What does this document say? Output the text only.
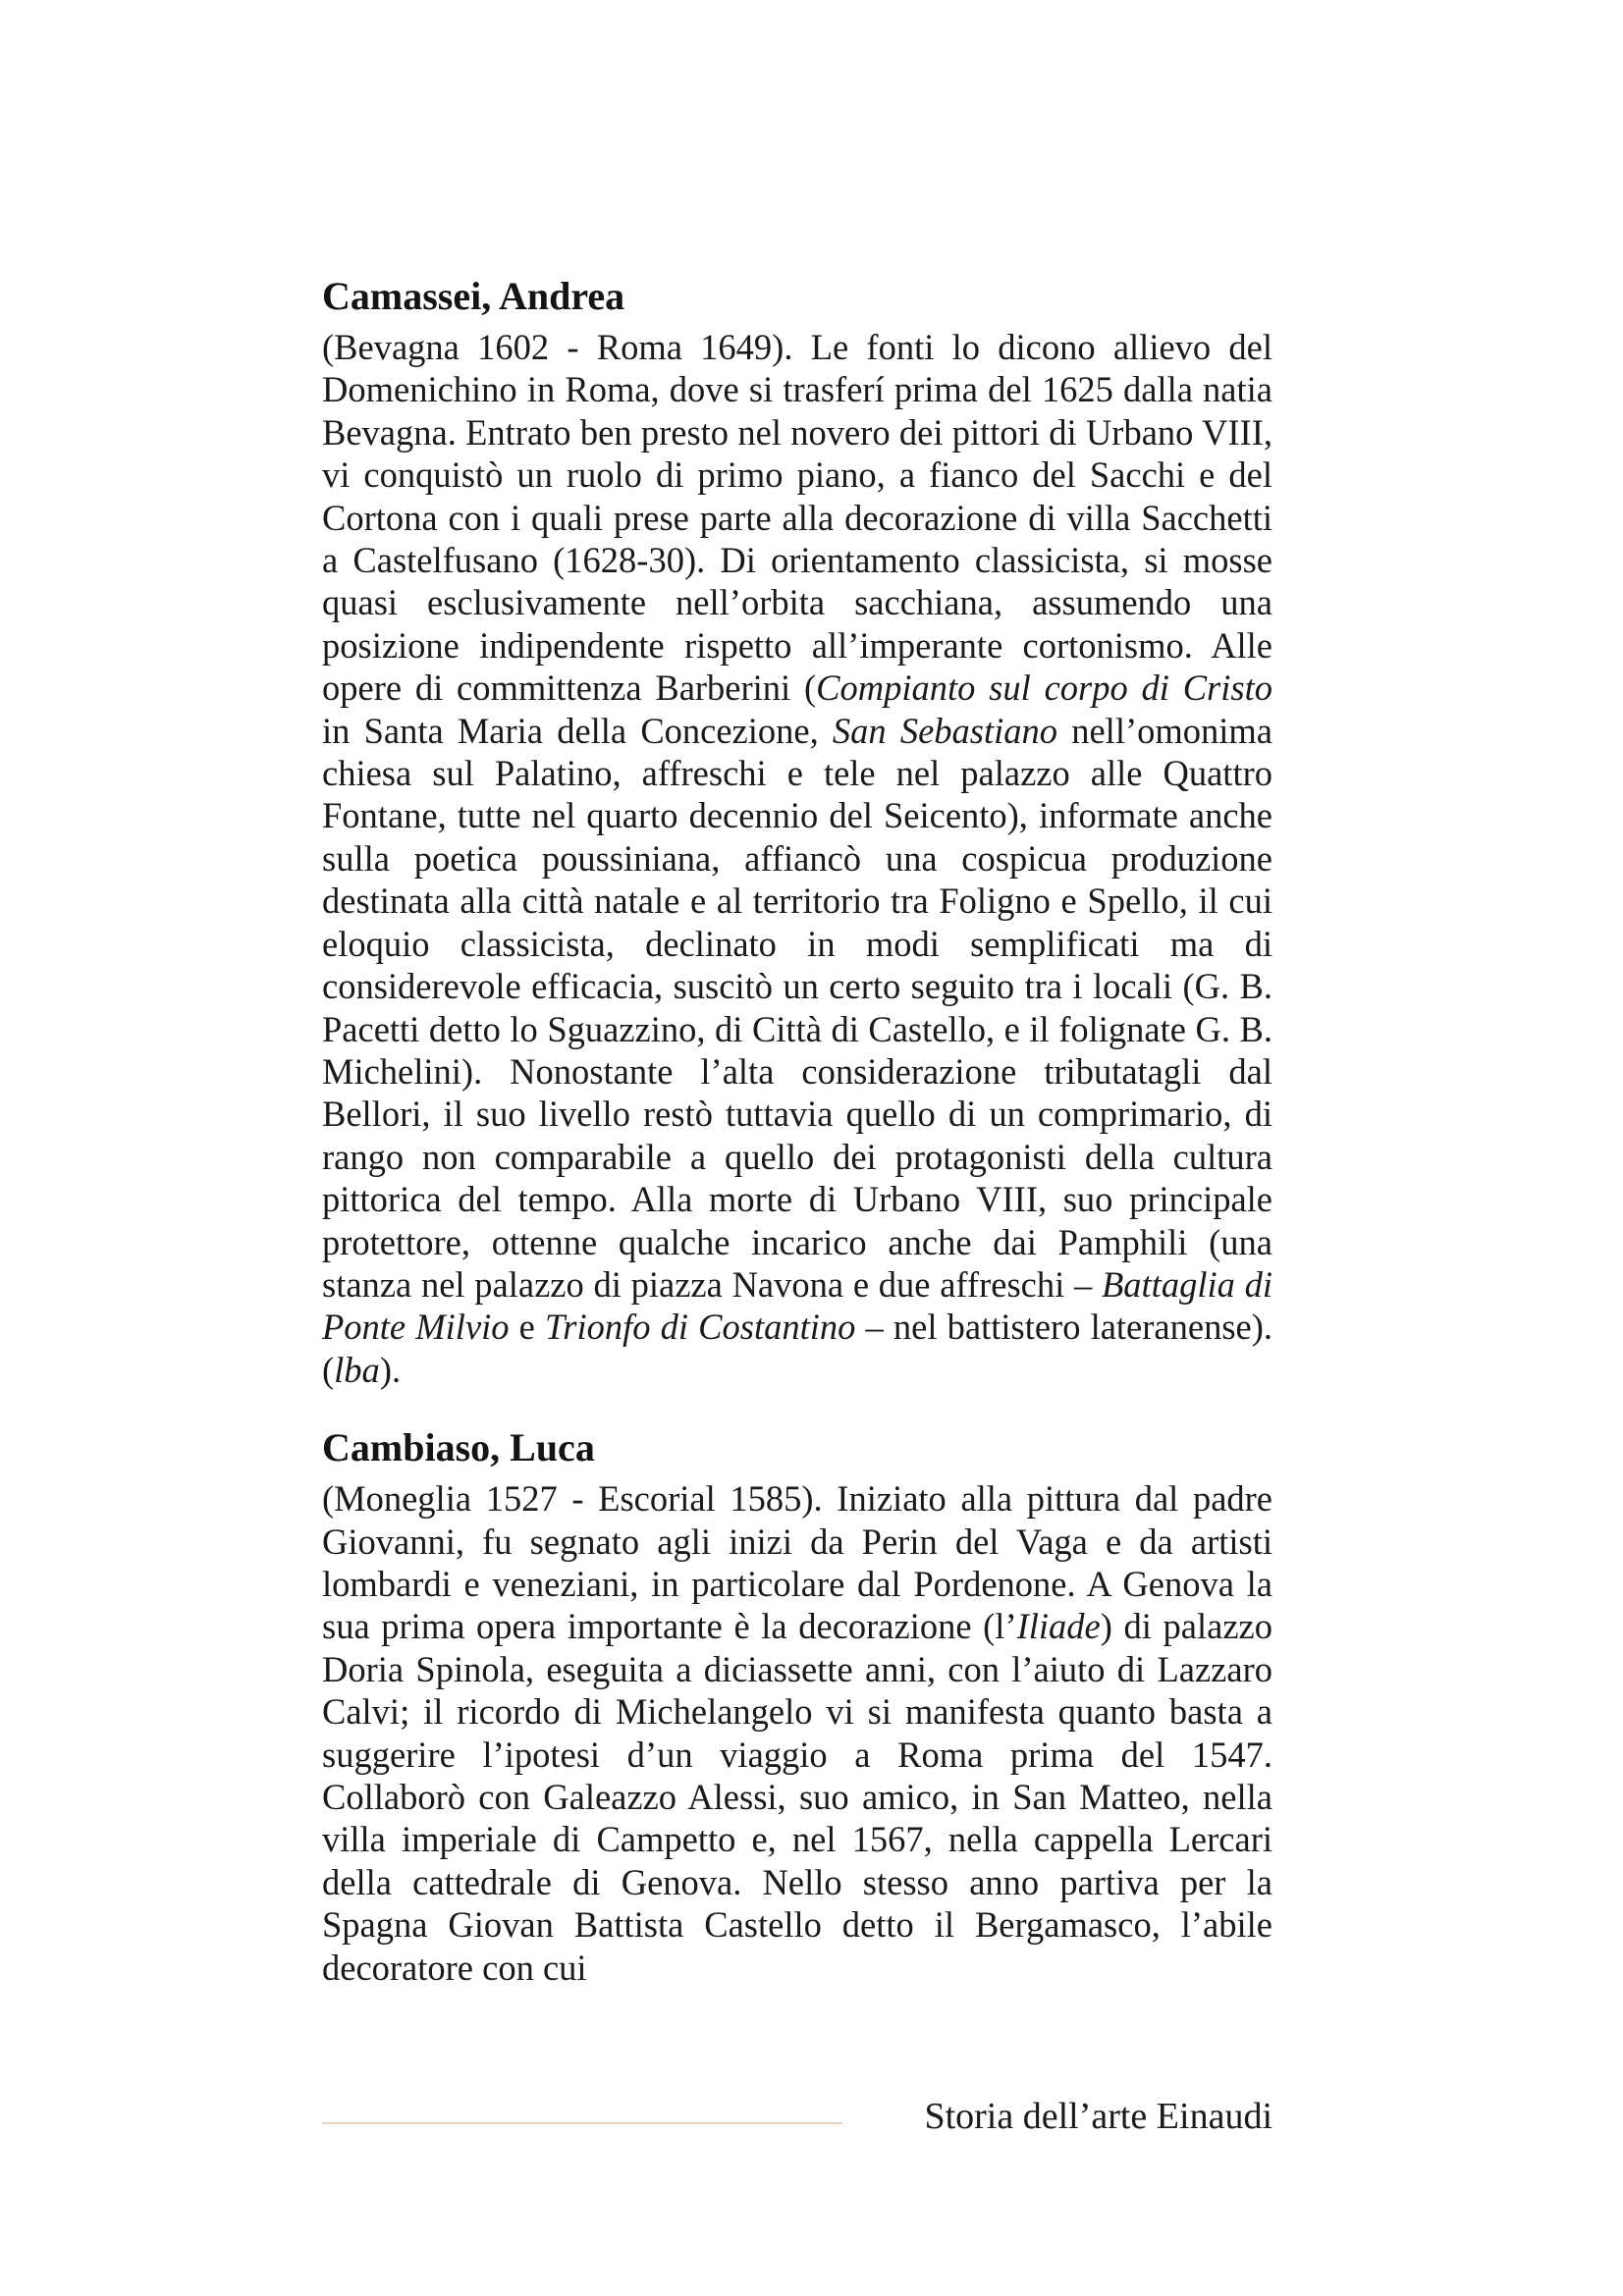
Camassei, Andrea

(Bevagna 1602 - Roma 1649). Le fonti lo dicono allievo del Domenichino in Roma, dove si trasferí prima del 1625 dalla natia Bevagna. Entrato ben presto nel novero dei pittori di Urbano VIII, vi conquistò un ruolo di primo piano, a fianco del Sacchi e del Cortona con i quali prese parte alla decorazione di villa Sacchetti a Castelfusano (1628-30). Di orientamento classicista, si mosse quasi esclusivamente nell’orbita sacchiana, assumendo una posizione indipendente rispetto all’imperante cortonismo. Alle opere di committenza Barberini (Compianto sul corpo di Cristo in Santa Maria della Concezione, San Sebastiano nell’omonima chiesa sul Palatino, affreschi e tele nel palazzo alle Quattro Fontane, tutte nel quarto decennio del Seicento), informate anche sulla poetica poussiniana, affiancò una cospicua produzione destinata alla città natale e al territorio tra Foligno e Spello, il cui eloquio classicista, declinato in modi semplificati ma di considerevole efficacia, suscitò un certo seguito tra i locali (G. B. Pacetti detto lo Sguazzino, di Città di Castello, e il folignate G. B. Michelini). Nonostante l’alta considerazione tributatagli dal Bellori, il suo livello restò tuttavia quello di un comprimario, di rango non comparabile a quello dei protagonisti della cultura pittorica del tempo. Alla morte di Urbano VIII, suo principale protettore, ottenne qualche incarico anche dai Pamphili (una stanza nel palazzo di piazza Navona e due affreschi – Battaglia di Ponte Milvio e Trionfo di Costantino – nel battistero lateranense). (lba).

Cambiaso, Luca

(Moneglia 1527 - Escorial 1585). Iniziato alla pittura dal padre Giovanni, fu segnato agli inizi da Perin del Vaga e da artisti lombardi e veneziani, in particolare dal Pordenone. A Genova la sua prima opera importante è la decorazione (l’Iliade) di palazzo Doria Spinola, eseguita a diciassette anni, con l’aiuto di Lazzaro Calvi; il ricordo di Michelangelo vi si manifesta quanto basta a suggerire l’ipotesi d’un viaggio a Roma prima del 1547. Collaborò con Galeazzo Alessi, suo amico, in San Matteo, nella villa imperiale di Campetto e, nel 1567, nella cappella Lercari della cattedrale di Genova. Nello stesso anno partiva per la Spagna Giovan Battista Castello detto il Bergamasco, l’abile decoratore con cui

Storia dell’arte Einaudi
